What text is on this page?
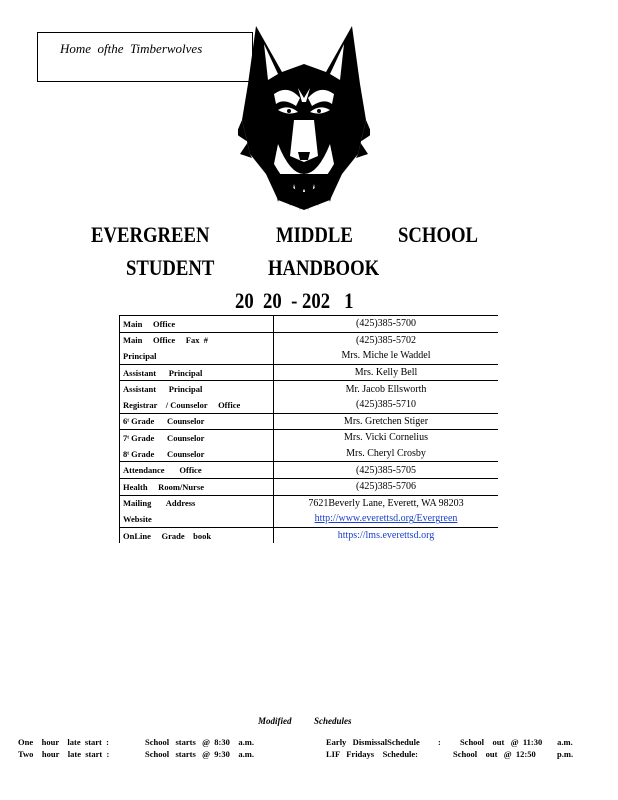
Home  ofthe  Timberwolves
EVERGREEN	MIDDLE SCHOOL
STUDENT HANDBOOK
20  20  - 202   1
Main     Office	(425)385-5700
Main     Office     Fax  #	(425)385-5702
Principal	Mrs. Miche le Waddel
Assistant      Principal	Mrs. Kelly Bell
Assistant      Principal	Mr. Jacob Ellsworth
Registrar    / Counselor     Office	(425)385-5710
6ᵗ Grade      Counselor	Mrs. Gretchen Stiger
7ᵗ Grade      Counselor	Mrs. Vicki Cornelius
8ᵗ Grade      Counselor	Mrs. Cheryl Crosby
Attendance       Office	(425)385-5705
Health     Room/Nurse	(425)385-5706
Mailing       Address	7621Beverly Lane, Everett, WA 98203
Website	http://www.everettsd.org/Evergreen
OnLine     Grade    book	https://lms.everettsd.org
Modified          Schedules
One    hour    late  start  :	School   starts   @  8:30    a.m.
Two    hour    late  start  :	School   starts   @  9:30    a.m.
Early   DismissalSchedule :         School    out   @  11:30       a.m.
LIF   Fridays    Schedule:	School    out   @  12:50          p.m.
